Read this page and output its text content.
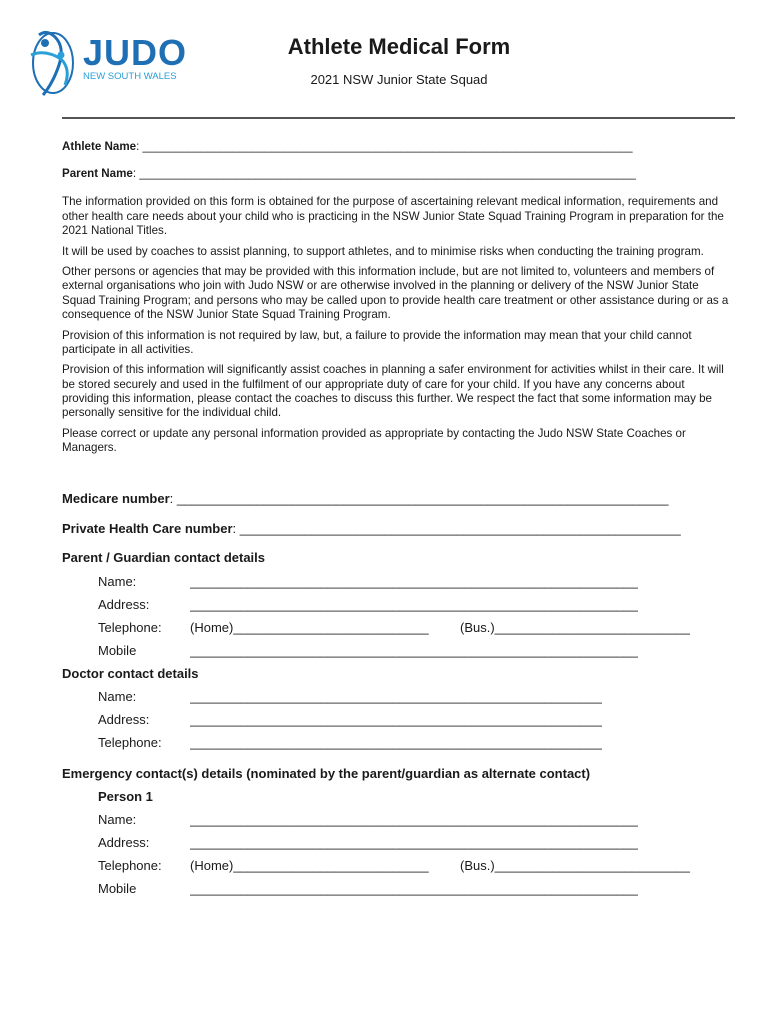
JUDO
NEW SOUTH WALES
Athlete Medical Form
2021 NSW Junior State Squad
Athlete Name: ____________________________________________________________________________
Parent Name: _____________________________________________________________________________

The information provided on this form is obtained for the purpose of ascertaining relevant medical information, requirements and other health care needs about your child who is practicing in the NSW Junior State Squad Training Program in preparation for the 2021 National Titles.

It will be used by coaches to assist planning, to support athletes, and to minimise risks when conducting the training program.

Other persons or agencies that may be provided with this information include, but are not limited to, volunteers and members of external organisations who join with Judo NSW or are otherwise involved in the planning or delivery of the NSW Junior State Squad Training Program; and persons who may be called upon to provide health care treatment or other assistance during or as a consequence of the NSW Junior State Squad Training Program.

Provision of this information is not required by law, but, a failure to provide the information may mean that your child cannot participate in all activities.

Provision of this information will significantly assist coaches in planning a safer environment for activities whilst in their care. It will be stored securely and used in the fulfilment of our appropriate duty of care for your child. If you have any concerns about providing this information, please contact the coaches to discuss this further. We respect the fact that some information may be personally sensitive for the individual child.

Please correct or update any personal information provided as appropriate by contacting the Judo NSW State Coaches or Managers.

Medicare number: ____________________________________________________________________
Private Health Care number: _____________________________________________________________
Parent / Guardian contact details
Name:	______________________________________________________________
Address:	______________________________________________________________
Telephone: (Home)___________________________ (Bus.)___________________________
Mobile	______________________________________________________________
Doctor contact details
Name:	_________________________________________________________
Address:	_________________________________________________________
Telephone: _________________________________________________________
Emergency contact(s) details (nominated by the parent/guardian as alternate contact)
Person 1
Name:	______________________________________________________________
Address:	______________________________________________________________
Telephone: (Home)___________________________ (Bus.)___________________________
Mobile	______________________________________________________________
